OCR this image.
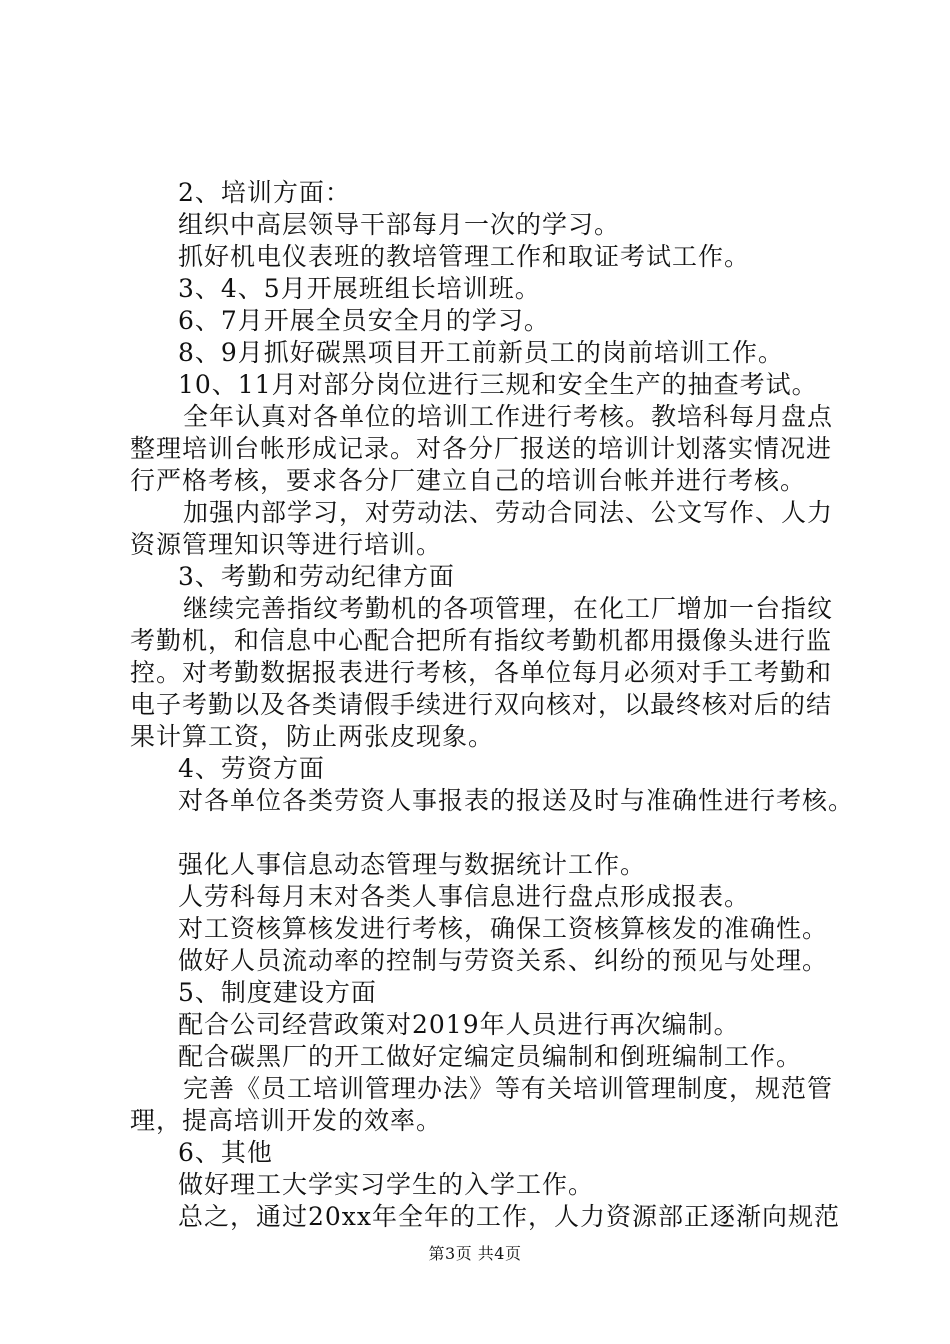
2、培训方面：
组织中高层领导干部每月一次的学习。
抓好机电仪表班的教培管理工作和取证考试工作。
3、4、5月开展班组长培训班。
6、7月开展全员安全月的学习。
8、9月抓好碳黑项目开工前新员工的岗前培训工作。
10、11月对部分岗位进行三规和安全生产的抽查考试。
全年认真对各单位的培训工作进行考核。教培科每月盘点
整理培训台帐形成记录。对各分厂报送的培训计划落实情况进
行严格考核，要求各分厂建立自己的培训台帐并进行考核。
加强内部学习，对劳动法、劳动合同法、公文写作、人力
资源管理知识等进行培训。
3、考勤和劳动纪律方面
继续完善指纹考勤机的各项管理，在化工厂增加一台指纹
考勤机，和信息中心配合把所有指纹考勤机都用摄像头进行监
控。对考勤数据报表进行考核，各单位每月必须对手工考勤和
电子考勤以及各类请假手续进行双向核对，以最终核对后的结
果计算工资，防止两张皮现象。
4、劳资方面
对各单位各类劳资人事报表的报送及时与准确性进行考核。
强化人事信息动态管理与数据统计工作。
人劳科每月末对各类人事信息进行盘点形成报表。
对工资核算核发进行考核，确保工资核算核发的准确性。
做好人员流动率的控制与劳资关系、纠纷的预见与处理。
5、制度建设方面
配合公司经营政策对2019年人员进行再次编制。
配合碳黑厂的开工做好定编定员编制和倒班编制工作。
完善《员工培训管理办法》等有关培训管理制度，规范管
理，提高培训开发的效率。
6、其他
做好理工大学实习学生的入学工作。
总之，通过20xx年全年的工作，人力资源部正逐渐向规范
第3页 共4页
